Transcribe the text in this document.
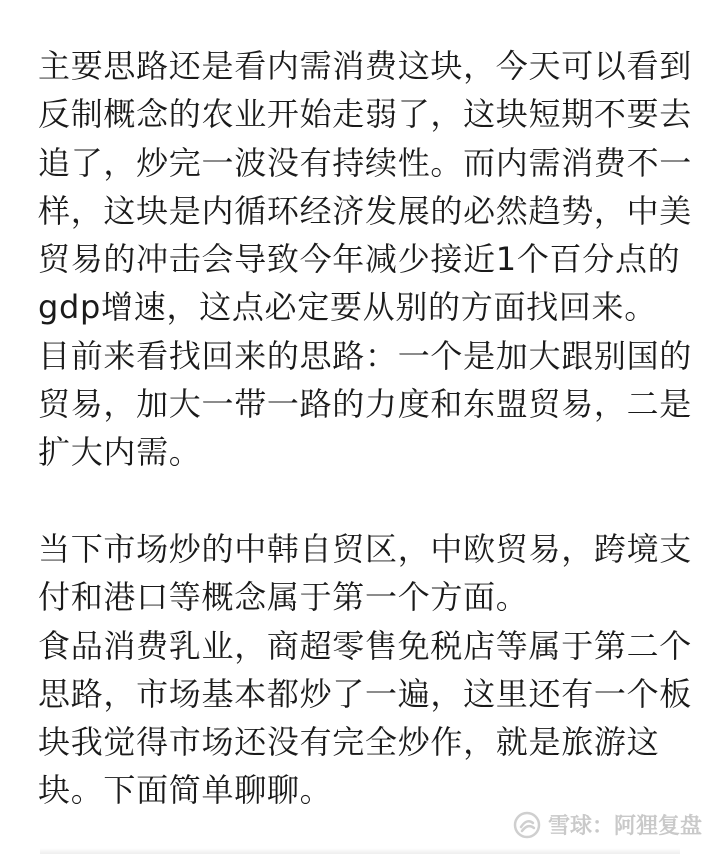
主要思路还是看内需消费这块，今天可以看到
反制概念的农业开始走弱了，这块短期不要去
追了，炒完一波没有持续性。而内需消费不一
样，这块是内循环经济发展的必然趋势，中美
贸易的冲击会导致今年减少接近1个百分点的
gdp增速，这点必定要从别的方面找回来。
目前来看找回来的思路：一个是加大跟别国的
贸易，加大一带一路的力度和东盟贸易，二是
扩大内需。
当下市场炒的中韩自贸区，中欧贸易，跨境支
付和港口等概念属于第一个方面。
食品消费乳业，商超零售免税店等属于第二个
思路，市场基本都炒了一遍，这里还有一个板
块我觉得市场还没有完全炒作，就是旅游这
块。下面简单聊聊。
雪球：阿狸复盘
